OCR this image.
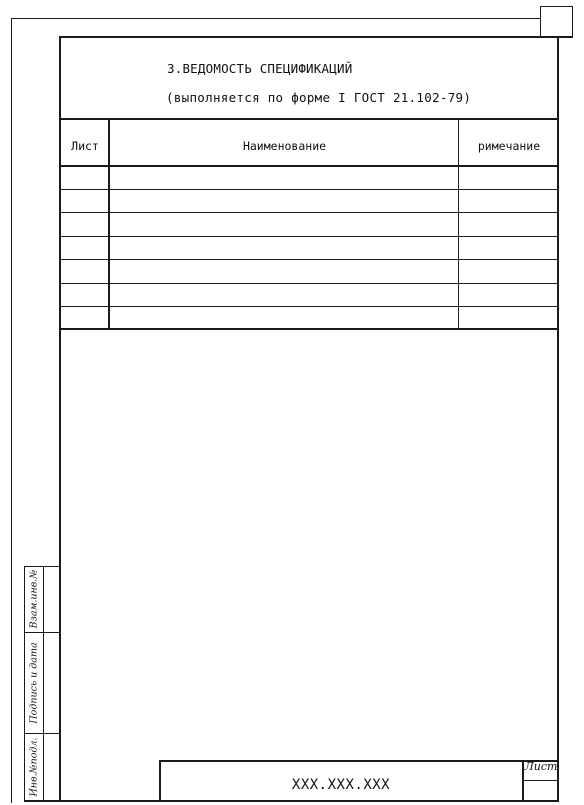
3.ВЕДОМОСТЬ СПЕЦИФИКАЦИЙ
(выполняется по форме I ГОСТ 21.102-79)
Лист	Наименование	римечание
Инв.№подл.
Подпись и дата
Взам.инв.№
XXX.XXX.XXX
Лист
